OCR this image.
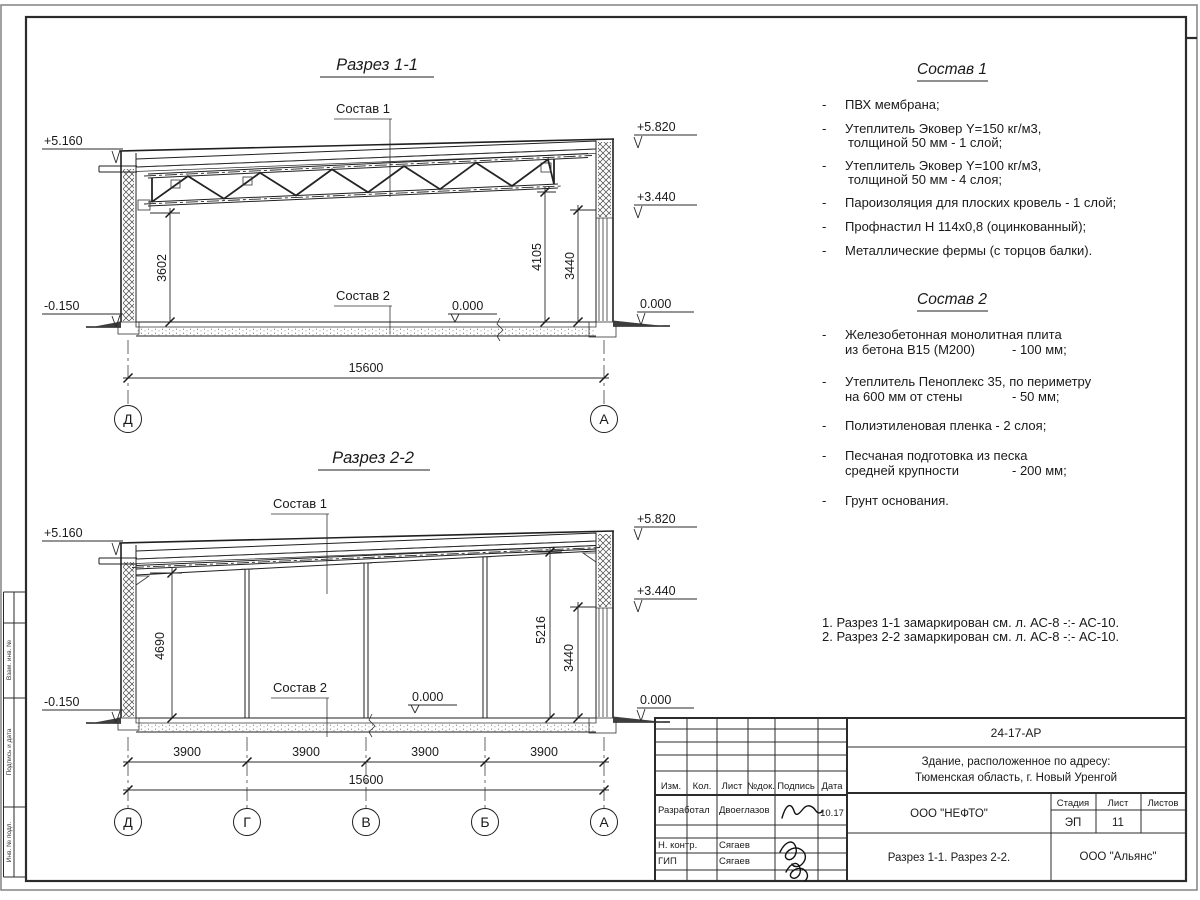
Взам. инв. №
Подпись и дата
Инв. № подл.
Разрез 1-1
Состав 1
Состав 2
3602	4105 3440
+5.160
-0.150
+5.820
+3.440
0.000
0.000
15600
Д	А
Разрез 2-2
Состав 1
Состав 2
4690
5216
3440
+5.160
-0.150
+5.820
+3.440
0.000
0.000
3900	3900	3900	3900
15600
Д	Г	В	Б	А
Состав 1
- ПВХ мембрана;
- Утеплитель Эковер Y=150 кг/м3,
толщиной 50 мм - 1 слой;
- Утеплитель Эковер Y=100 кг/м3,
толщиной 50 мм - 4 слоя;
- Пароизоляция для плоских кровель - 1 слой;
- Профнастил Н 114х0,8 (оцинкованный);
- Металлические фермы (с торцов балки).
Состав 2
- Железобетонная монолитная плита
из бетона В15 (М200)	- 100 мм;
- Утеплитель Пеноплекс 35, по периметру
на 600 мм от стены	- 50 мм;
- Полиэтиленовая пленка - 2 слоя;
- Песчаная подготовка из песка
средней крупности	- 200 мм;
- Грунт основания.
1. Разрез 1-1 замаркирован см. л. АС-8 -:- АС-10.
2. Разрез 2-2 замаркирован см. л. АС-8 -:- АС-10.
Изм. Кол. Лист №док. Подпись Дата
Разработал Двоеглазов	10.17
Н. контр. Сягаев
ГИП	Сягаев
24-17-АР
Здание, расположенное по адресу:
Тюменская область, г. Новый Уренгой
ООО "НЕФТО"
Стадия Лист Листов
ЭП	11
Разрез 1-1. Разрез 2-2.	ООО "Альянс"
